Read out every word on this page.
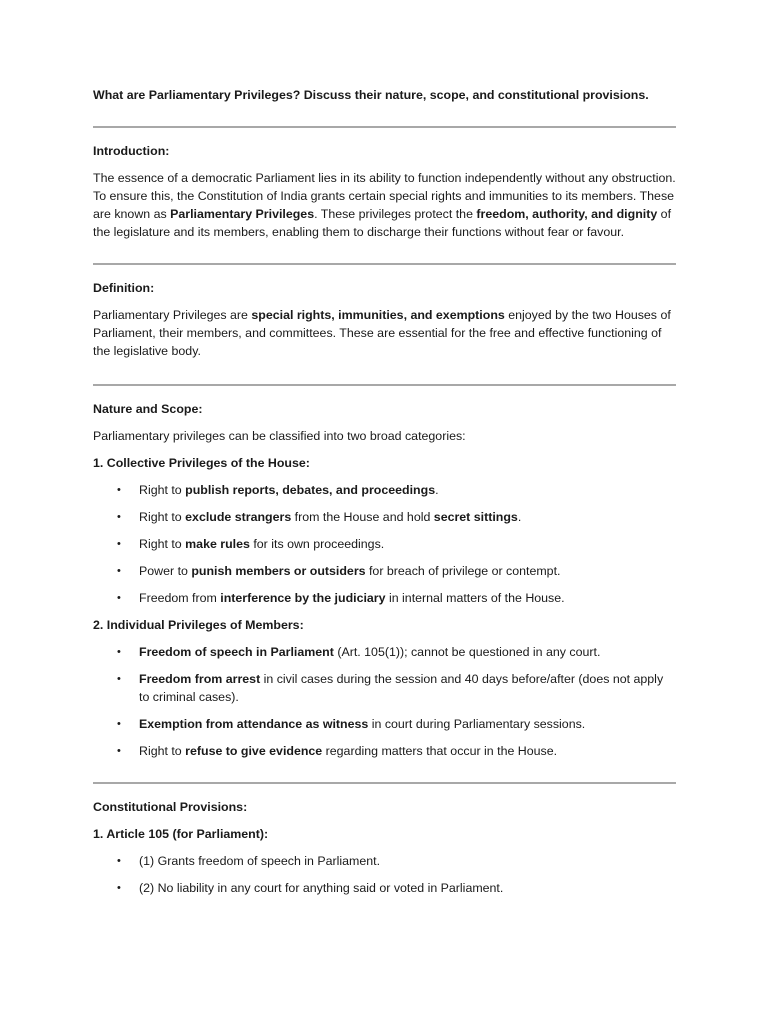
What are Parliamentary Privileges? Discuss their nature, scope, and constitutional provisions.

Introduction:

The essence of a democratic Parliament lies in its ability to function independently without any obstruction. To ensure this, the Constitution of India grants certain special rights and immunities to its members. These are known as Parliamentary Privileges. These privileges protect the freedom, authority, and dignity of the legislature and its members, enabling them to discharge their functions without fear or favour.

Definition:

Parliamentary Privileges are special rights, immunities, and exemptions enjoyed by the two Houses of Parliament, their members, and committees. These are essential for the free and effective functioning of the legislative body.

Nature and Scope:

Parliamentary privileges can be classified into two broad categories:

1. Collective Privileges of the House:

• Right to publish reports, debates, and proceedings.
• Right to exclude strangers from the House and hold secret sittings.
• Right to make rules for its own proceedings.
• Power to punish members or outsiders for breach of privilege or contempt.
• Freedom from interference by the judiciary in internal matters of the House.

2. Individual Privileges of Members:

• Freedom of speech in Parliament (Art. 105(1)); cannot be questioned in any court.
• Freedom from arrest in civil cases during the session and 40 days before/after (does not apply to criminal cases).
• Exemption from attendance as witness in court during Parliamentary sessions.
• Right to refuse to give evidence regarding matters that occur in the House.

Constitutional Provisions:

1. Article 105 (for Parliament):

• (1) Grants freedom of speech in Parliament.
• (2) No liability in any court for anything said or voted in Parliament.
